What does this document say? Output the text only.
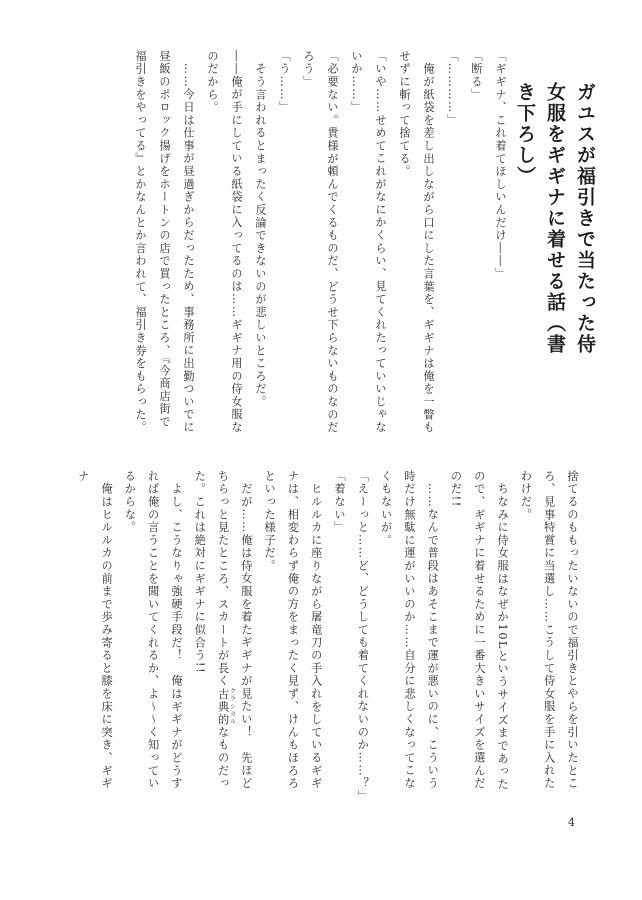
ガユスが福引きで当たった侍女服をギギナに着せる話（書き下ろし）

「ギギナ、これ着てほしいんだけ――」

「断る」

「…………」

　俺が紙袋を差し出しながら口にした言葉を、ギギナは俺を一瞥もせずに斬って捨てる。

「いや……せめてこれがなにかくらい、見てくれたっていいじゃないか……」

「必要ない。貴様が頼んでくるものだ、どうせ下らないものなのだろう」

「う……」

　そう言われるとまったく反論できないのが悲しいところだ。

――俺が手にしている紙袋に入ってるのは……ギギナ用の侍女服なのだから。

　……今日は仕事が昼過ぎからだったため、事務所に出勤ついでに昼飯のポロック揚げをホートンの店で買ったところ、『今商店街で福引きをやってる』とかなんとか言われて、福引き券をもらった。

捨てるのももったいないので福引きとやらを引いたところ、見事特賞に当選し……こうして侍女服を手に入れたわけだ。

　ちなみに侍女服はなぜか10Lというサイズまであったので、ギギナに着せるために一番大きいサイズを選んだのだ!!

　……なんで普段はあそこまで運が悪いのに、こういう時だけ無駄に運がいいのか……自分に悲しくなってこなくもないが。

「えーっと……ど、どうしても着てくれないのか……？」

「着ない」

　ヒルルカに座りながら屠竜刀の手入れをしているギギナは、相変わらず俺の方をまったく見ず、けんもほろろといった様子だ。

　だが……俺は侍女服を着たギギナが見たい！　先ほどちらっと見たところ、スカートが長く古典的 クラシカルなものだった。これは絶対にギギナに似合う!!

　よし、こうなりゃ強硬手段だ！　俺はギギナがどうすれば俺の言うことを聞いてくれるか、よ〜〜く知っているからな。

　俺はヒルルカの前まで歩み寄ると膝を床に突き、ギギナ

4
